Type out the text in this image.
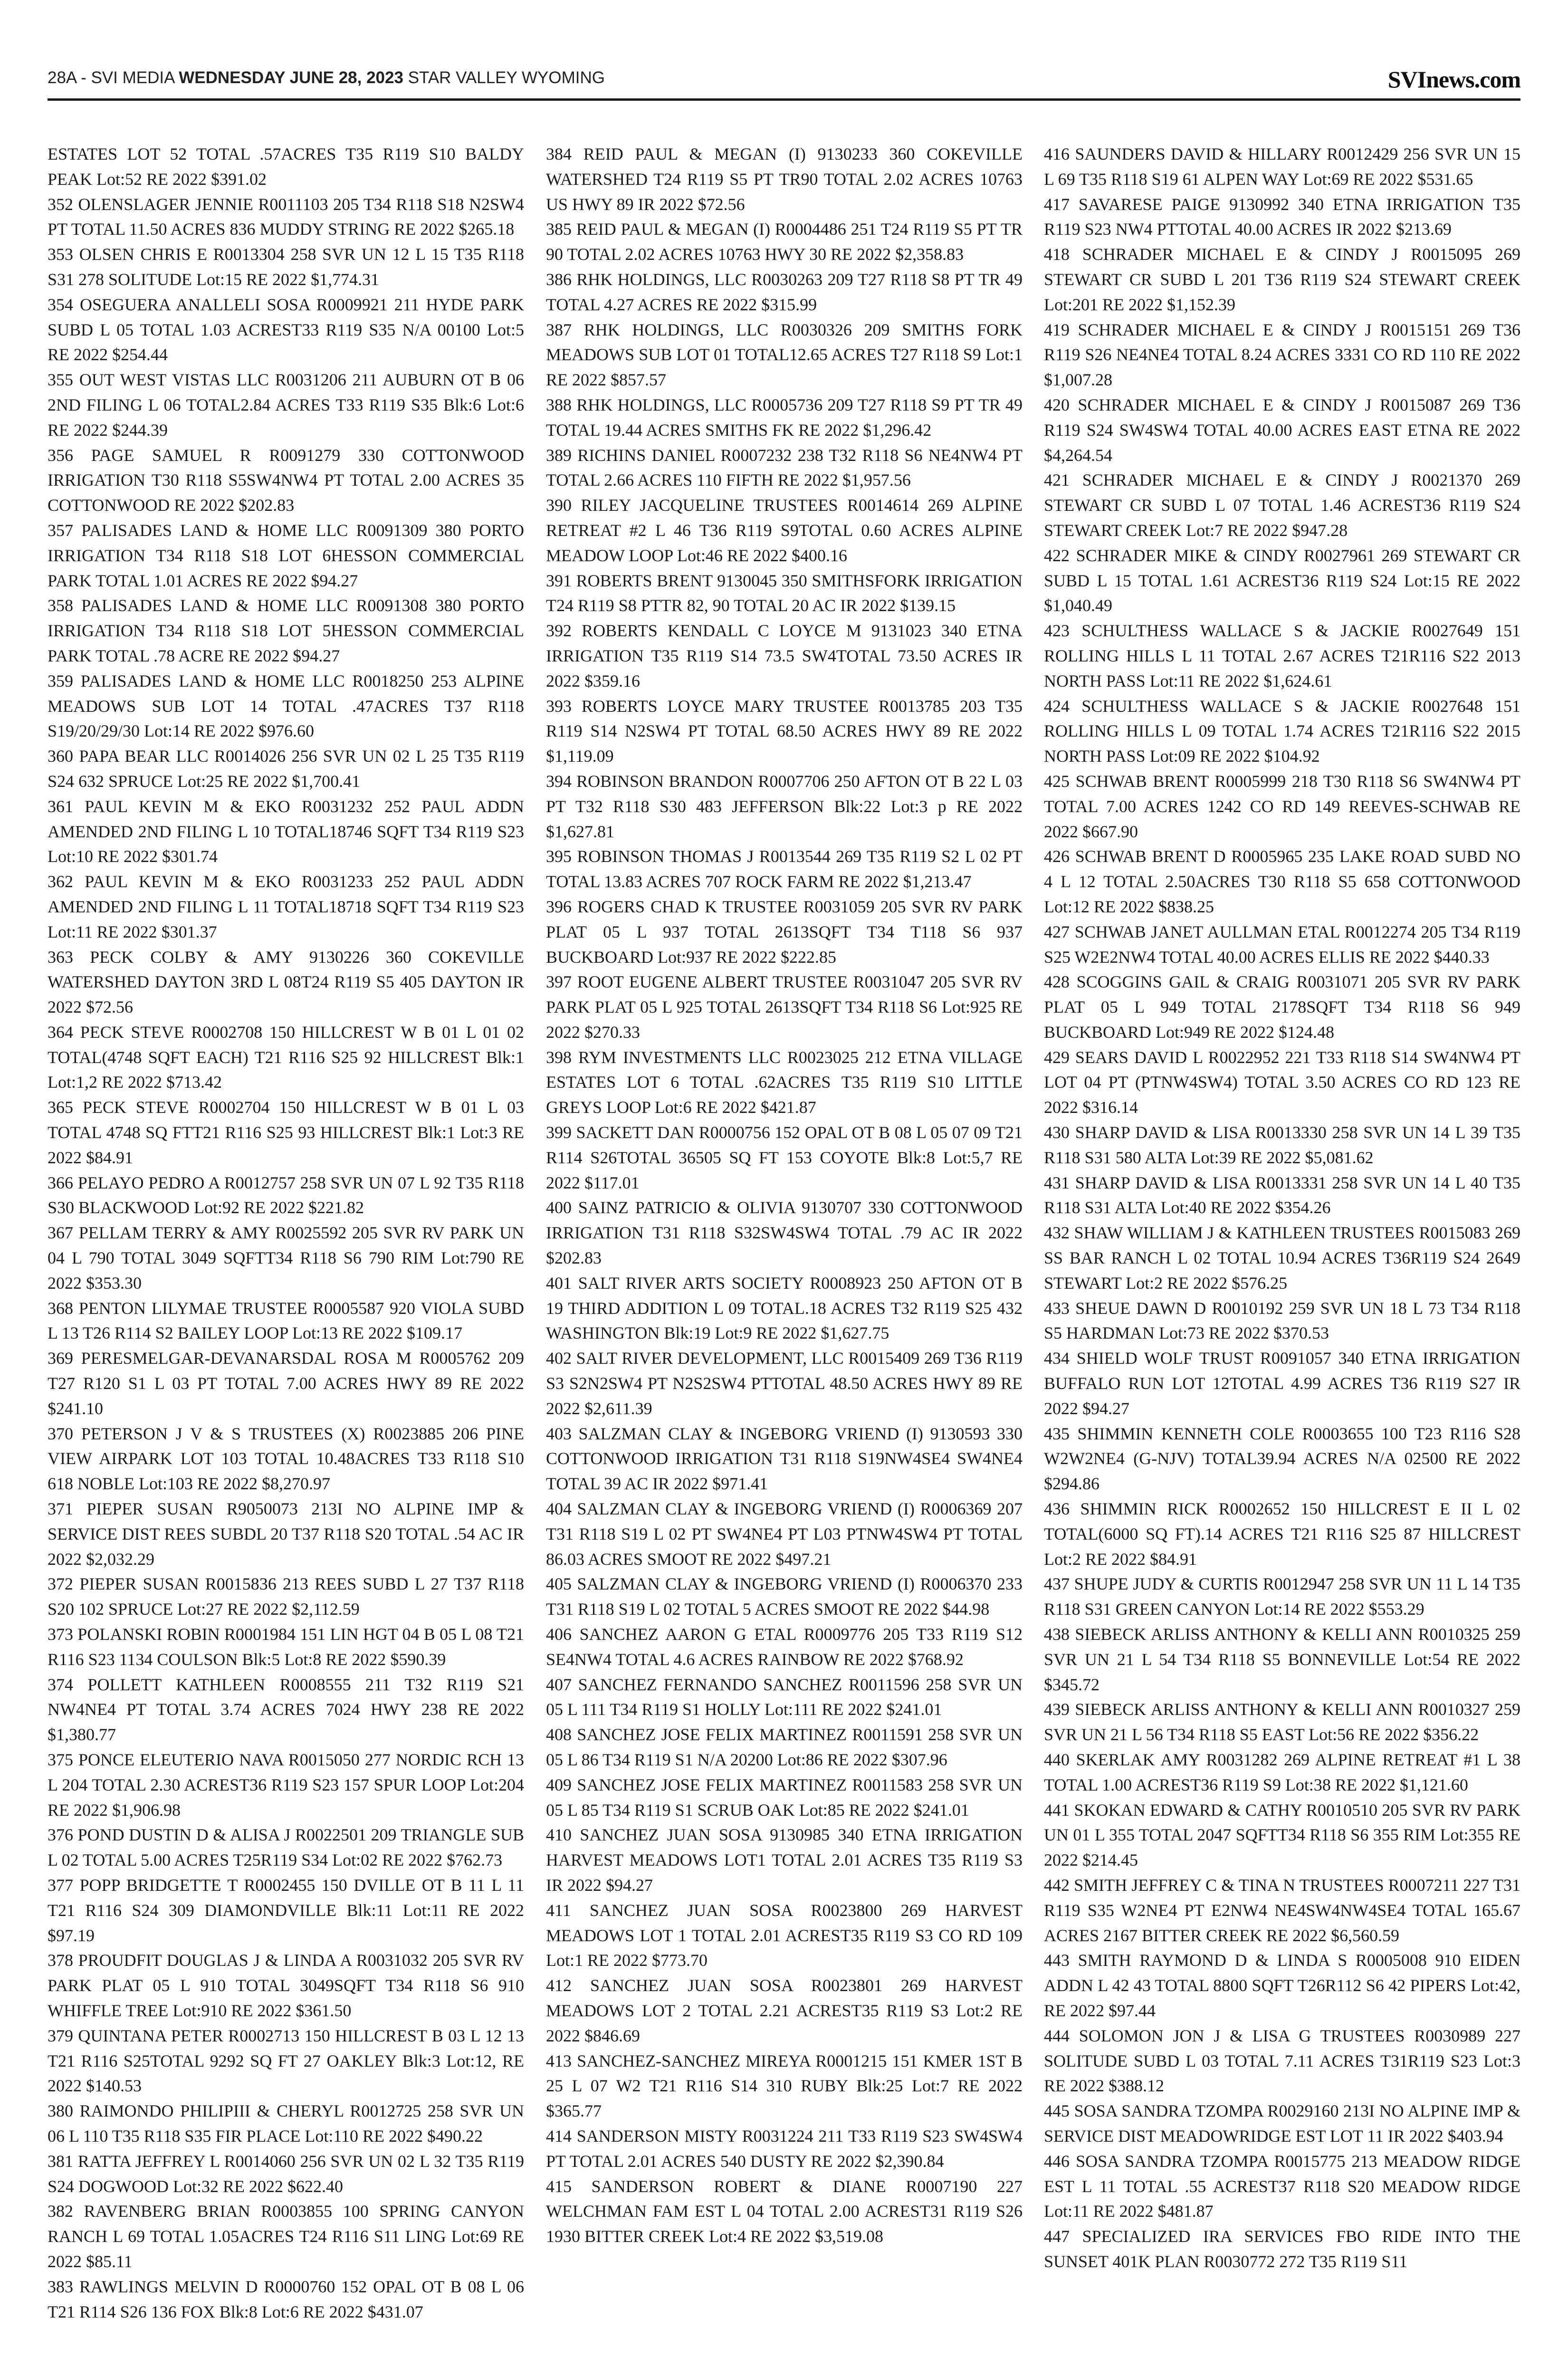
28A - SVI MEDIA WEDNESDAY JUNE 28, 2023 STAR VALLEY WYOMING	SVInews.com

ESTATES LOT 52 TOTAL .57ACRES T35 R119 S10 BALDY PEAK Lot:52 RE 2022 $391.02

352 OLENSLAGER JENNIE R0011103 205 T34 R118 S18 N2SW4 PT TOTAL 11.50 ACRES 836 MUDDY STRING RE 2022 $265.18

353 OLSEN CHRIS E R0013304 258 SVR UN 12 L 15 T35 R118 S31 278 SOLITUDE Lot:15 RE 2022 $1,774.31

354 OSEGUERA ANALLELI SOSA R0009921 211 HYDE PARK SUBD L 05 TOTAL 1.03 ACREST33 R119 S35 N/A 00100 Lot:5 RE 2022 $254.44

355 OUT WEST VISTAS LLC R0031206 211 AUBURN OT B 06 2ND FILING L 06 TOTAL2.84 ACRES T33 R119 S35 Blk:6 Lot:6 RE 2022 $244.39

356 PAGE SAMUEL R R0091279 330 COTTONWOOD IRRIGATION T30 R118 S5SW4NW4 PT TOTAL 2.00 ACRES 35 COTTONWOOD RE 2022 $202.83

357 PALISADES LAND & HOME LLC R0091309 380 PORTO IRRIGATION T34 R118 S18 LOT 6HESSON COMMERCIAL PARK TOTAL 1.01 ACRES RE 2022 $94.27

358 PALISADES LAND & HOME LLC R0091308 380 PORTO IRRIGATION T34 R118 S18 LOT 5HESSON COMMERCIAL PARK TOTAL .78 ACRE RE 2022 $94.27

359 PALISADES LAND & HOME LLC R0018250 253 ALPINE MEADOWS SUB LOT 14 TOTAL .47ACRES T37 R118 S19/20/29/30 Lot:14 RE 2022 $976.60

360 PAPA BEAR LLC R0014026 256 SVR UN 02 L 25 T35 R119 S24 632 SPRUCE Lot:25 RE 2022 $1,700.41

361 PAUL KEVIN M & EKO R0031232 252 PAUL ADDN AMENDED 2ND FILING L 10 TOTAL18746 SQFT T34 R119 S23 Lot:10 RE 2022 $301.74

362 PAUL KEVIN M & EKO R0031233 252 PAUL ADDN AMENDED 2ND FILING L 11 TOTAL18718 SQFT T34 R119 S23 Lot:11 RE 2022 $301.37

363 PECK COLBY & AMY 9130226 360 COKEVILLE WATERSHED DAYTON 3RD L 08T24 R119 S5 405 DAYTON IR 2022 $72.56

364 PECK STEVE R0002708 150 HILLCREST W B 01 L 01 02 TOTAL(4748 SQFT EACH) T21 R116 S25 92 HILLCREST Blk:1 Lot:1,2 RE 2022 $713.42

365 PECK STEVE R0002704 150 HILLCREST W B 01 L 03 TOTAL 4748 SQ FTT21 R116 S25 93 HILLCREST Blk:1 Lot:3 RE 2022 $84.91

366 PELAYO PEDRO A R0012757 258 SVR UN 07 L 92 T35 R118 S30 BLACKWOOD Lot:92 RE 2022 $221.82

367 PELLAM TERRY & AMY R0025592 205 SVR RV PARK UN 04 L 790 TOTAL 3049 SQFTT34 R118 S6 790 RIM Lot:790 RE 2022 $353.30

368 PENTON LILYMAE TRUSTEE R0005587 920 VIOLA SUBD L 13 T26 R114 S2 BAILEY LOOP Lot:13 RE 2022 $109.17

369 PERESMELGAR-DEVANARSDAL ROSA M R0005762 209 T27 R120 S1 L 03 PT TOTAL 7.00 ACRES HWY 89 RE 2022 $241.10

370 PETERSON J V & S TRUSTEES (X) R0023885 206 PINE VIEW AIRPARK LOT 103 TOTAL 10.48ACRES T33 R118 S10 618 NOBLE Lot:103 RE 2022 $8,270.97

371 PIEPER SUSAN R9050073 213I NO ALPINE IMP & SERVICE DIST REES SUBDL 20 T37 R118 S20 TOTAL .54 AC IR 2022 $2,032.29

372 PIEPER SUSAN R0015836 213 REES SUBD L 27 T37 R118 S20 102 SPRUCE Lot:27 RE 2022 $2,112.59

373 POLANSKI ROBIN R0001984 151 LIN HGT 04 B 05 L 08 T21 R116 S23 1134 COULSON Blk:5 Lot:8 RE 2022 $590.39

374 POLLETT KATHLEEN R0008555 211 T32 R119 S21 NW4NE4 PT TOTAL 3.74 ACRES 7024 HWY 238 RE 2022 $1,380.77

375 PONCE ELEUTERIO NAVA R0015050 277 NORDIC RCH 13 L 204 TOTAL 2.30 ACREST36 R119 S23 157 SPUR LOOP Lot:204 RE 2022 $1,906.98

376 POND DUSTIN D & ALISA J R0022501 209 TRIANGLE SUB L 02 TOTAL 5.00 ACRES T25R119 S34 Lot:02 RE 2022 $762.73

377 POPP BRIDGETTE T R0002455 150 DVILLE OT B 11 L 11 T21 R116 S24 309 DIAMONDVILLE Blk:11 Lot:11 RE 2022 $97.19

378 PROUDFIT DOUGLAS J & LINDA A R0031032 205 SVR RV PARK PLAT 05 L 910 TOTAL 3049SQFT T34 R118 S6 910 WHIFFLE TREE Lot:910 RE 2022 $361.50

379 QUINTANA PETER R0002713 150 HILLCREST B 03 L 12 13 T21 R116 S25TOTAL 9292 SQ FT 27 OAKLEY Blk:3 Lot:12, RE 2022 $140.53

380 RAIMONDO PHILIPIII & CHERYL R0012725 258 SVR UN 06 L 110 T35 R118 S35 FIR PLACE Lot:110 RE 2022 $490.22

381 RATTA JEFFREY L R0014060 256 SVR UN 02 L 32 T35 R119 S24 DOGWOOD Lot:32 RE 2022 $622.40

382 RAVENBERG BRIAN R0003855 100 SPRING CANYON RANCH L 69 TOTAL 1.05ACRES T24 R116 S11 LING Lot:69 RE 2022 $85.11

383 RAWLINGS MELVIN D R0000760 152 OPAL OT B 08 L 06 T21 R114 S26 136 FOX Blk:8 Lot:6 RE 2022 $431.07

384 REID PAUL & MEGAN (I) 9130233 360 COKEVILLE WATERSHED T24 R119 S5 PT TR90 TOTAL 2.02 ACRES 10763 US HWY 89 IR 2022 $72.56

385 REID PAUL & MEGAN (I) R0004486 251 T24 R119 S5 PT TR 90 TOTAL 2.02 ACRES 10763 HWY 30 RE 2022 $2,358.83

386 RHK HOLDINGS, LLC R0030263 209 T27 R118 S8 PT TR 49 TOTAL 4.27 ACRES RE 2022 $315.99

387 RHK HOLDINGS, LLC R0030326 209 SMITHS FORK MEADOWS SUB LOT 01 TOTAL12.65 ACRES T27 R118 S9 Lot:1 RE 2022 $857.57

388 RHK HOLDINGS, LLC R0005736 209 T27 R118 S9 PT TR 49 TOTAL 19.44 ACRES SMITHS FK RE 2022 $1,296.42

389 RICHINS DANIEL R0007232 238 T32 R118 S6 NE4NW4 PT TOTAL 2.66 ACRES 110 FIFTH RE 2022 $1,957.56

390 RILEY JACQUELINE TRUSTEES R0014614 269 ALPINE RETREAT #2 L 46 T36 R119 S9TOTAL 0.60 ACRES ALPINE MEADOW LOOP Lot:46 RE 2022 $400.16

391 ROBERTS BRENT 9130045 350 SMITHSFORK IRRIGATION T24 R119 S8 PTTR 82, 90 TOTAL 20 AC IR 2022 $139.15

392 ROBERTS KENDALL C LOYCE M 9131023 340 ETNA IRRIGATION T35 R119 S14 73.5 SW4TOTAL 73.50 ACRES IR 2022 $359.16

393 ROBERTS LOYCE MARY TRUSTEE R0013785 203 T35 R119 S14 N2SW4 PT TOTAL 68.50 ACRES HWY 89 RE 2022 $1,119.09

394 ROBINSON BRANDON R0007706 250 AFTON OT B 22 L 03 PT T32 R118 S30 483 JEFFERSON Blk:22 Lot:3 p RE 2022 $1,627.81

395 ROBINSON THOMAS J R0013544 269 T35 R119 S2 L 02 PT TOTAL 13.83 ACRES 707 ROCK FARM RE 2022 $1,213.47

396 ROGERS CHAD K TRUSTEE R0031059 205 SVR RV PARK PLAT 05 L 937 TOTAL 2613SQFT T34 T118 S6 937 BUCKBOARD Lot:937 RE 2022 $222.85

397 ROOT EUGENE ALBERT TRUSTEE R0031047 205 SVR RV PARK PLAT 05 L 925 TOTAL 2613SQFT T34 R118 S6 Lot:925 RE 2022 $270.33

398 RYM INVESTMENTS LLC R0023025 212 ETNA VILLAGE ESTATES LOT 6 TOTAL .62ACRES T35 R119 S10 LITTLE GREYS LOOP Lot:6 RE 2022 $421.87

399 SACKETT DAN R0000756 152 OPAL OT B 08 L 05 07 09 T21 R114 S26TOTAL 36505 SQ FT 153 COYOTE Blk:8 Lot:5,7 RE 2022 $117.01

400 SAINZ PATRICIO & OLIVIA 9130707 330 COTTONWOOD IRRIGATION T31 R118 S32SW4SW4 TOTAL .79 AC IR 2022 $202.83

401 SALT RIVER ARTS SOCIETY R0008923 250 AFTON OT B 19 THIRD ADDITION L 09 TOTAL.18 ACRES T32 R119 S25 432 WASHINGTON Blk:19 Lot:9 RE 2022 $1,627.75

402 SALT RIVER DEVELOPMENT, LLC R0015409 269 T36 R119 S3 S2N2SW4 PT N2S2SW4 PTTOTAL 48.50 ACRES HWY 89 RE 2022 $2,611.39

403 SALZMAN CLAY & INGEBORG VRIEND (I) 9130593 330 COTTONWOOD IRRIGATION T31 R118 S19NW4SE4 SW4NE4 TOTAL 39 AC IR 2022 $971.41

404 SALZMAN CLAY & INGEBORG VRIEND (I) R0006369 207 T31 R118 S19 L 02 PT SW4NE4 PT L03 PTNW4SW4 PT TOTAL 86.03 ACRES SMOOT RE 2022 $497.21

405 SALZMAN CLAY & INGEBORG VRIEND (I) R0006370 233 T31 R118 S19 L 02 TOTAL 5 ACRES SMOOT RE 2022 $44.98

406 SANCHEZ AARON G ETAL R0009776 205 T33 R119 S12 SE4NW4 TOTAL 4.6 ACRES RAINBOW RE 2022 $768.92

407 SANCHEZ FERNANDO SANCHEZ R0011596 258 SVR UN 05 L 111 T34 R119 S1 HOLLY Lot:111 RE 2022 $241.01

408 SANCHEZ JOSE FELIX MARTINEZ R0011591 258 SVR UN 05 L 86 T34 R119 S1 N/A 20200 Lot:86 RE 2022 $307.96

409 SANCHEZ JOSE FELIX MARTINEZ R0011583 258 SVR UN 05 L 85 T34 R119 S1 SCRUB OAK Lot:85 RE 2022 $241.01

410 SANCHEZ JUAN SOSA 9130985 340 ETNA IRRIGATION HARVEST MEADOWS LOT1 TOTAL 2.01 ACRES T35 R119 S3 IR 2022 $94.27

411 SANCHEZ JUAN SOSA R0023800 269 HARVEST MEADOWS LOT 1 TOTAL 2.01 ACREST35 R119 S3 CO RD 109 Lot:1 RE 2022 $773.70

412 SANCHEZ JUAN SOSA R0023801 269 HARVEST MEADOWS LOT 2 TOTAL 2.21 ACREST35 R119 S3 Lot:2 RE 2022 $846.69

413 SANCHEZ-SANCHEZ MIREYA R0001215 151 KMER 1ST B 25 L 07 W2 T21 R116 S14 310 RUBY Blk:25 Lot:7 RE 2022 $365.77

414 SANDERSON MISTY R0031224 211 T33 R119 S23 SW4SW4 PT TOTAL 2.01 ACRES 540 DUSTY RE 2022 $2,390.84

415 SANDERSON ROBERT & DIANE R0007190 227 WELCHMAN FAM EST L 04 TOTAL 2.00 ACREST31 R119 S26 1930 BITTER CREEK Lot:4 RE 2022 $3,519.08

416 SAUNDERS DAVID & HILLARY R0012429 256 SVR UN 15 L 69 T35 R118 S19 61 ALPEN WAY Lot:69 RE 2022 $531.65

417 SAVARESE PAIGE 9130992 340 ETNA IRRIGATION T35 R119 S23 NW4 PTTOTAL 40.00 ACRES IR 2022 $213.69

418 SCHRADER MICHAEL E & CINDY J R0015095 269 STEWART CR SUBD L 201 T36 R119 S24 STEWART CREEK Lot:201 RE 2022 $1,152.39

419 SCHRADER MICHAEL E & CINDY J R0015151 269 T36 R119 S26 NE4NE4 TOTAL 8.24 ACRES 3331 CO RD 110 RE 2022 $1,007.28

420 SCHRADER MICHAEL E & CINDY J R0015087 269 T36 R119 S24 SW4SW4 TOTAL 40.00 ACRES EAST ETNA RE 2022 $4,264.54

421 SCHRADER MICHAEL E & CINDY J R0021370 269 STEWART CR SUBD L 07 TOTAL 1.46 ACREST36 R119 S24 STEWART CREEK Lot:7 RE 2022 $947.28

422 SCHRADER MIKE & CINDY R0027961 269 STEWART CR SUBD L 15 TOTAL 1.61 ACREST36 R119 S24 Lot:15 RE 2022 $1,040.49

423 SCHULTHESS WALLACE S & JACKIE R0027649 151 ROLLING HILLS L 11 TOTAL 2.67 ACRES T21R116 S22 2013 NORTH PASS Lot:11 RE 2022 $1,624.61

424 SCHULTHESS WALLACE S & JACKIE R0027648 151 ROLLING HILLS L 09 TOTAL 1.74 ACRES T21R116 S22 2015 NORTH PASS Lot:09 RE 2022 $104.92

425 SCHWAB BRENT R0005999 218 T30 R118 S6 SW4NW4 PT TOTAL 7.00 ACRES 1242 CO RD 149 REEVES-SCHWAB RE 2022 $667.90

426 SCHWAB BRENT D R0005965 235 LAKE ROAD SUBD NO 4 L 12 TOTAL 2.50ACRES T30 R118 S5 658 COTTONWOOD Lot:12 RE 2022 $838.25

427 SCHWAB JANET AULLMAN ETAL R0012274 205 T34 R119 S25 W2E2NW4 TOTAL 40.00 ACRES ELLIS RE 2022 $440.33

428 SCOGGINS GAIL & CRAIG R0031071 205 SVR RV PARK PLAT 05 L 949 TOTAL 2178SQFT T34 R118 S6 949 BUCKBOARD Lot:949 RE 2022 $124.48

429 SEARS DAVID L R0022952 221 T33 R118 S14 SW4NW4 PT LOT 04 PT (PTNW4SW4) TOTAL 3.50 ACRES CO RD 123 RE 2022 $316.14

430 SHARP DAVID & LISA R0013330 258 SVR UN 14 L 39 T35 R118 S31 580 ALTA Lot:39 RE 2022 $5,081.62

431 SHARP DAVID & LISA R0013331 258 SVR UN 14 L 40 T35 R118 S31 ALTA Lot:40 RE 2022 $354.26

432 SHAW WILLIAM J & KATHLEEN TRUSTEES R0015083 269 SS BAR RANCH L 02 TOTAL 10.94 ACRES T36R119 S24 2649 STEWART Lot:2 RE 2022 $576.25

433 SHEUE DAWN D R0010192 259 SVR UN 18 L 73 T34 R118 S5 HARDMAN Lot:73 RE 2022 $370.53

434 SHIELD WOLF TRUST R0091057 340 ETNA IRRIGATION BUFFALO RUN LOT 12TOTAL 4.99 ACRES T36 R119 S27 IR 2022 $94.27

435 SHIMMIN KENNETH COLE R0003655 100 T23 R116 S28 W2W2NE4 (G-NJV) TOTAL39.94 ACRES N/A 02500 RE 2022 $294.86

436 SHIMMIN RICK R0002652 150 HILLCREST E II L 02 TOTAL(6000 SQ FT).14 ACRES T21 R116 S25 87 HILLCREST Lot:2 RE 2022 $84.91

437 SHUPE JUDY & CURTIS R0012947 258 SVR UN 11 L 14 T35 R118 S31 GREEN CANYON Lot:14 RE 2022 $553.29

438 SIEBECK ARLISS ANTHONY & KELLI ANN R0010325 259 SVR UN 21 L 54 T34 R118 S5 BONNEVILLE Lot:54 RE 2022 $345.72

439 SIEBECK ARLISS ANTHONY & KELLI ANN R0010327 259 SVR UN 21 L 56 T34 R118 S5 EAST Lot:56 RE 2022 $356.22

440 SKERLAK AMY R0031282 269 ALPINE RETREAT #1 L 38 TOTAL 1.00 ACREST36 R119 S9 Lot:38 RE 2022 $1,121.60

441 SKOKAN EDWARD & CATHY R0010510 205 SVR RV PARK UN 01 L 355 TOTAL 2047 SQFTT34 R118 S6 355 RIM Lot:355 RE 2022 $214.45

442 SMITH JEFFREY C & TINA N TRUSTEES R0007211 227 T31 R119 S35 W2NE4 PT E2NW4 NE4SW4NW4SE4 TOTAL 165.67 ACRES 2167 BITTER CREEK RE 2022 $6,560.59

443 SMITH RAYMOND D & LINDA S R0005008 910 EIDEN ADDN L 42 43 TOTAL 8800 SQFT T26R112 S6 42 PIPERS Lot:42, RE 2022 $97.44

444 SOLOMON JON J & LISA G TRUSTEES R0030989 227 SOLITUDE SUBD L 03 TOTAL 7.11 ACRES T31R119 S23 Lot:3 RE 2022 $388.12

445 SOSA SANDRA TZOMPA R0029160 213I NO ALPINE IMP & SERVICE DIST MEADOWRIDGE EST LOT 11 IR 2022 $403.94

446 SOSA SANDRA TZOMPA R0015775 213 MEADOW RIDGE EST L 11 TOTAL .55 ACREST37 R118 S20 MEADOW RIDGE Lot:11 RE 2022 $481.87

447 SPECIALIZED IRA SERVICES FBO RIDE INTO THE SUNSET 401K PLAN R0030772 272 T35 R119 S11
